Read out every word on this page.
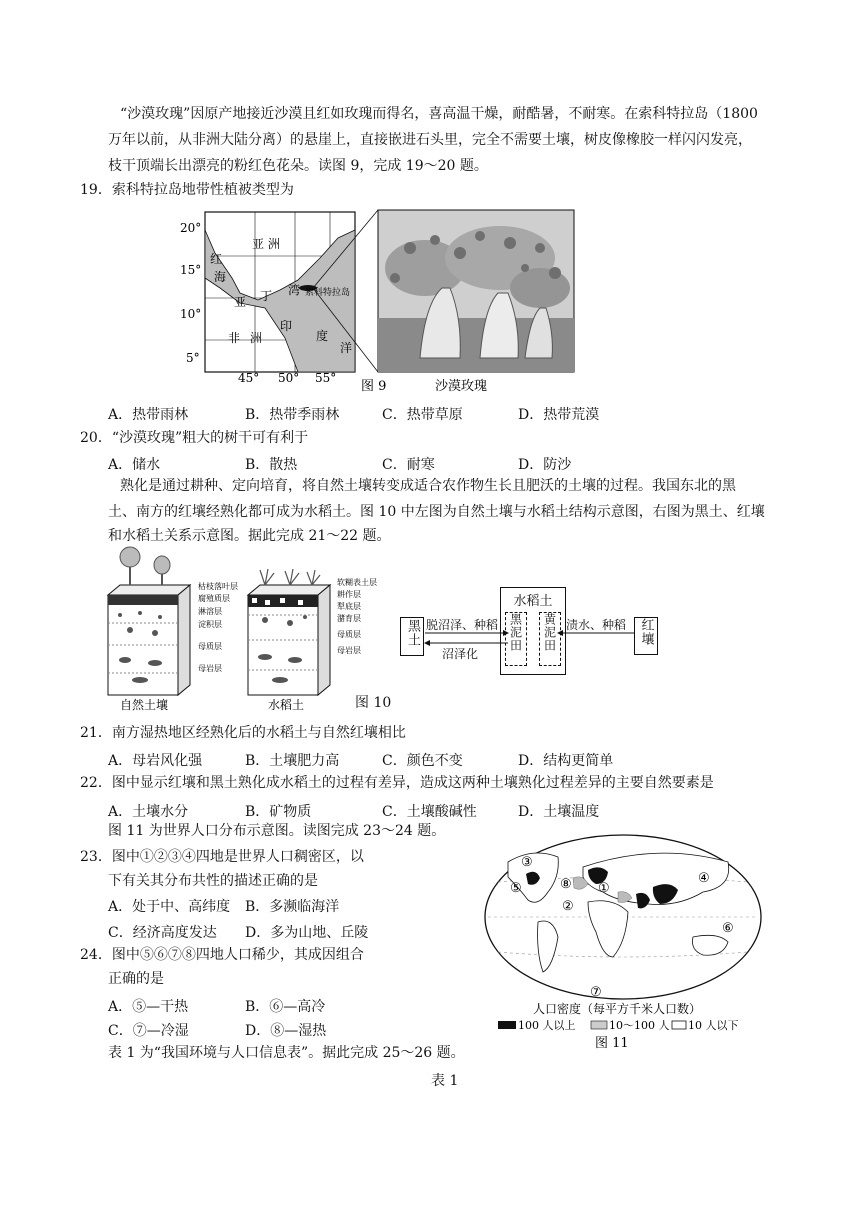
“沙漠玫瑰”因原产地接近沙漠且红如玫瑰而得名，喜高温干燥，耐酷暑，不耐寒。在索科特拉岛（1800
万年以前，从非洲大陆分离）的悬崖上，直接嵌进石头里，完全不需要土壤，树皮像橡胶一样闪闪发亮，
枝干顶端长出漂亮的粉红色花朵。读图 9，完成 19～20 题。
19．索科特拉岛地带性植被类型为
20°
15°
10°
5°
45° 50° 55°
亚 洲
红
海
亚 丁 湾 索科特拉岛
非 洲
印
度
洋
图 9	沙漠玫瑰
A．热带雨林	B．热带季雨林	C．热带草原	D．热带荒漠
20．“沙漠玫瑰”粗大的树干可有利于
A．储水	B．散热	C．耐寒	D．防沙
熟化是通过耕种、定向培育，将自然土壤转变成适合农作物生长且肥沃的土壤的过程。我国东北的黑
土、南方的红壤经熟化都可成为水稻土。图 10 中左图为自然土壤与水稻土结构示意图，右图为黑土、红壤
和水稻土关系示意图。据此完成 21～22 题。
枯枝落叶层
腐殖质层
淋溶层
淀积层
母质层
母岩层
自然土壤
软糊表土层
耕作层
犁底层
潴育层
母质层
母岩层
水稻土	图 10
黑土
水稻土
黑泥田	黄泥田	红壤
脱沼泽、种稻
沼泽化
渍水、种稻
21．南方湿热地区经熟化后的水稻土与自然红壤相比
A．母岩风化强	B．土壤肥力高	C．颜色不变	D．结构更简单
22．图中显示红壤和黑土熟化成水稻土的过程有差异，造成这两种土壤熟化过程差异的主要自然要素是
A．土壤水分	B．矿物质	C．土壤酸碱性	D．土壤温度
图 11 为世界人口分布示意图。读图完成 23～24 题。
23．图中①②③④四地是世界人口稠密区，以
下有关其分布共性的描述正确的是
A．处于中、高纬度 B．多濒临海洋
C．经济高度发达 D．多为山地、丘陵
24．图中⑤⑥⑦⑧四地人口稀少，其成因组合
正确的是
A．⑤—干热	B．⑥—高冷
C．⑦—冷湿	D．⑧—湿热
①
②
③
④
⑤
⑥
⑦
⑧
人口密度（每平方千米人口数）
100 人以上	10～100 人 10 人以下
图 11
表 1 为“我国环境与人口信息表”。据此完成 25～26 题。
表 1
